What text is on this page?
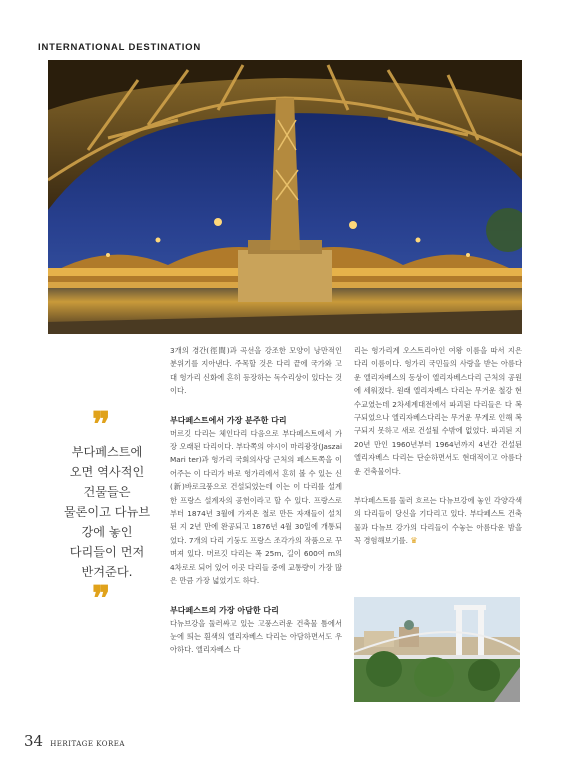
INTERNATIONAL DESTINATION
❞
부다페스트에
오면 역사적인
건물들은
물론이고 다뉴브
강에 놓인
다리들이 먼저
반겨준다.
❞

3개의 경간(徑間)과 곡선을 강조한 모양이 낭만적인 분위기를 지아낸다. 주목할 것은 다리 끝에 국가와 고대 헝가리 신화에 흔히 등장하는 독수리상이 있다는 것이다.

부다페스트에서 가장 분주한 다리

머르깃 다리는 체인다리 다음으로 부다페스트에서 가장 오래된 다리이다. 부다쪽의 야시이 마리광장(Jaszai Mari ter)과 헝가리 국회의사당 근처의 페스트쪽을 이어주는 이 다리가 바로 헝가리에서 흔히 볼 수 있는 신(新)바로크풍으로 건설되었는데 이는 이 다리를 설계한 프랑스 설계자의 공헌이라고 할 수 있다. 프랑스로부터 1874년 3월에 가져온 철로 만든 자재들이 설치된 지 2년 만에 완공되고 1876년 4월 30일에 개통되었다. 7개의 다리 기둥도 프랑스 조각가의 작품으로 꾸며져 있다. 머르깃 다리는 폭 25m, 길이 600여 m의 4차로로 되어 있어 이곳 다리들 중에 교통량이 가장 많은 만큼 가장 넓었기도 하다.

부다페스트의 가장 아담한 다리

다뉴브강을 둘러싸고 있는 고풍스러운 건축물 틈에서 눈에 띄는 흰색의 엘리자베스 다리는 아담하면서도 우아하다. 엘리자베스 다

리는 헝가리계 오스트리아인 여왕 이름을 따서 지은 다리 이름이다. 헝가리 국민들의 사랑을 받는 아름다운 엘리자베스의 동상이 엘리자베스다리 근처의 공원에 세워졌다. 원래 엘리자베스 다리는 무거운 철강 현수교였는데 2차세계대전에서 파괴된 다리들은 다 복구되었으나 엘리자베스다리는 무거운 무게로 인해 복구되지 못하고 새로 건설될 수밖에 없었다. 파괴된 지 20년 만인 1960년부터 1964년까지 4년간 건설된 엘리자베스 다리는 단순하면서도 현대적이고 아름다운 건축물이다.

부다페스트를 둘러 흐르는 다뉴브강에 놓인 각양각색의 다리들이 당신을 기다리고 있다. 부다페스트 건축물과 다뉴브 강가의 다리들이 수놓는 아름다운 밤을 꼭 경험해보기를. ♛

34 HERITAGE KOREA
